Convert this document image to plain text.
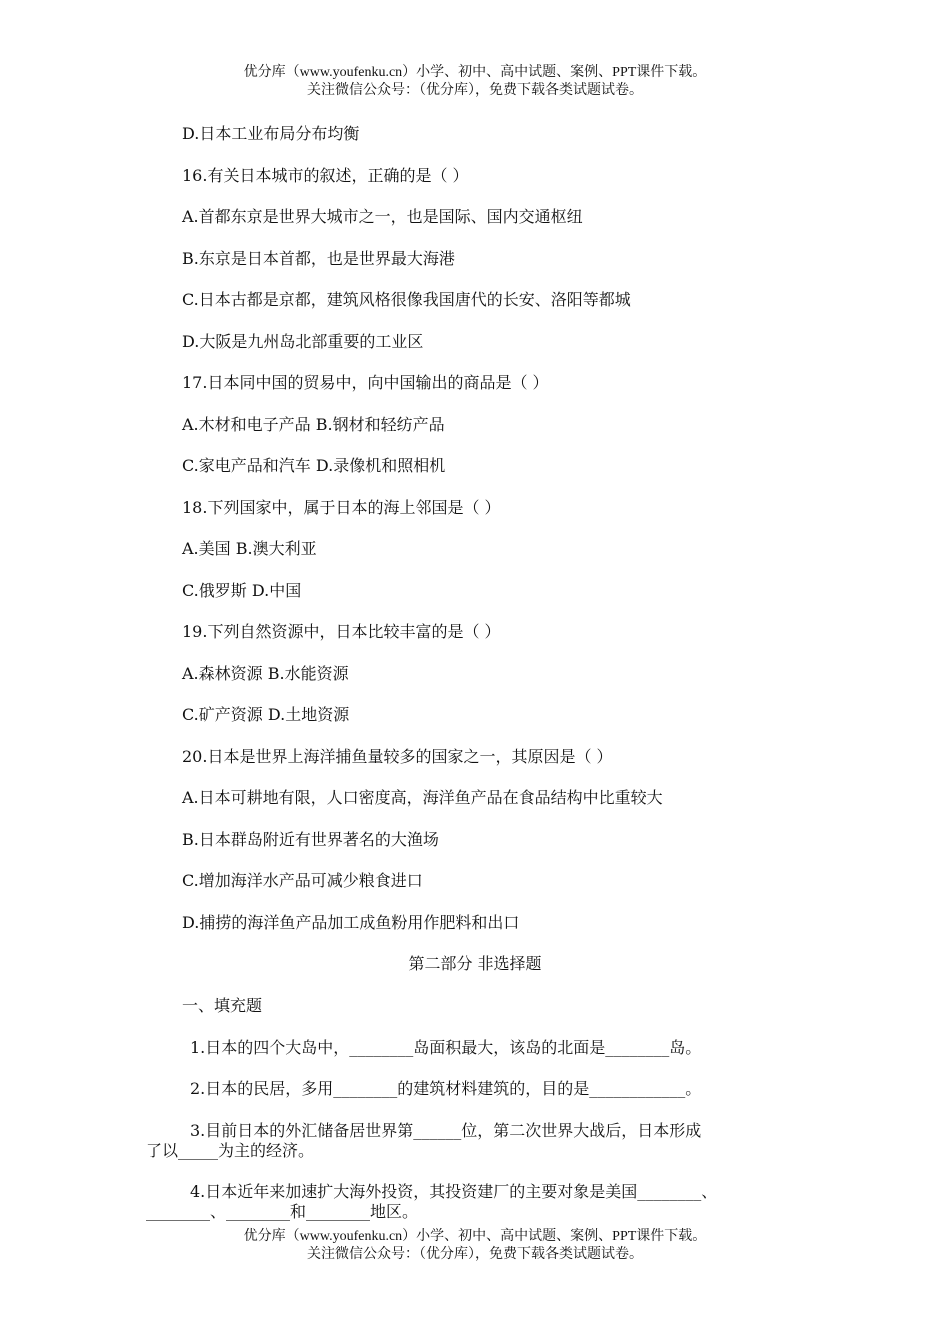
优分库（www.youfenku.cn）小学、初中、高中试题、案例、PPT课件下载。
关注微信公众号：（优分库），免费下载各类试题试卷。
D.日本工业布局分布均衡
16.有关日本城市的叙述，正确的是（ ）
A.首都东京是世界大城市之一，也是国际、国内交通枢纽
B.东京是日本首都，也是世界最大海港
C.日本古都是京都，建筑风格很像我国唐代的长安、洛阳等都城
D.大阪是九州岛北部重要的工业区
17.日本同中国的贸易中，向中国输出的商品是（ ）
A.木材和电子产品 B.钢材和轻纺产品
C.家电产品和汽车 D.录像机和照相机
18.下列国家中，属于日本的海上邻国是（ ）
A.美国 B.澳大利亚
C.俄罗斯 D.中国
19.下列自然资源中，日本比较丰富的是（ ）
A.森林资源 B.水能资源
C.矿产资源 D.土地资源
20.日本是世界上海洋捕鱼量较多的国家之一，其原因是（ ）
A.日本可耕地有限，人口密度高，海洋鱼产品在食品结构中比重较大
B.日本群岛附近有世界著名的大渔场
C.增加海洋水产品可减少粮食进口
D.捕捞的海洋鱼产品加工成鱼粉用作肥料和出口
第二部分 非选择题
一、填充题
1.日本的四个大岛中，________岛面积最大，该岛的北面是________岛。
2.日本的民居，多用________的建筑材料建筑的，目的是____________。
3.目前日本的外汇储备居世界第______位，第二次世界大战后，日本形成
了以_____为主的经济。
4.日本近年来加速扩大海外投资，其投资建厂的主要对象是美国________、
________、________和________地区。
优分库（www.youfenku.cn）小学、初中、高中试题、案例、PPT课件下载。
关注微信公众号：（优分库），免费下载各类试题试卷。
